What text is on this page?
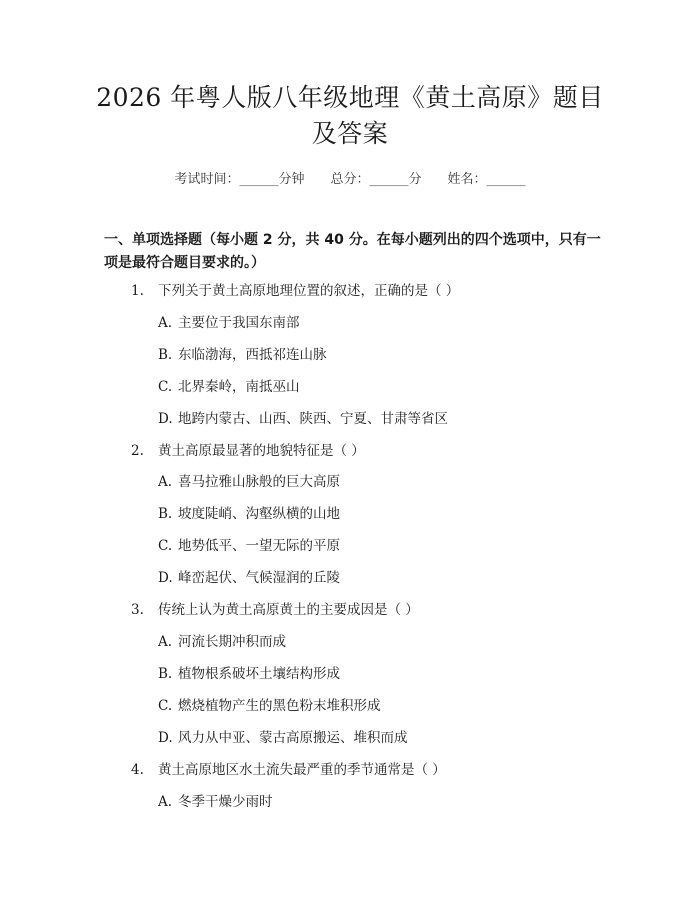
2026 年粤人版八年级地理《黄土高原》题目
及答案
考试时间：______分钟 总分：______分 姓名：______
一、单项选择题（每小题 2 分，共 40 分。在每小题列出的四个选项中，只有一项是最符合题目要求的。）
1. 下列关于黄土高原地理位置的叙述，正确的是（ ）
A. 主要位于我国东南部
B. 东临渤海，西抵祁连山脉
C. 北界秦岭，南抵巫山
D. 地跨内蒙古、山西、陕西、宁夏、甘肃等省区
2. 黄土高原最显著的地貌特征是（ ）
A. 喜马拉雅山脉般的巨大高原
B. 坡度陡峭、沟壑纵横的山地
C. 地势低平、一望无际的平原
D. 峰峦起伏、气候湿润的丘陵
3. 传统上认为黄土高原黄土的主要成因是（ ）
A. 河流长期冲积而成
B. 植物根系破坏土壤结构形成
C. 燃烧植物产生的黑色粉末堆积形成
D. 风力从中亚、蒙古高原搬运、堆积而成
4. 黄土高原地区水土流失最严重的季节通常是（ ）
A. 冬季干燥少雨时
